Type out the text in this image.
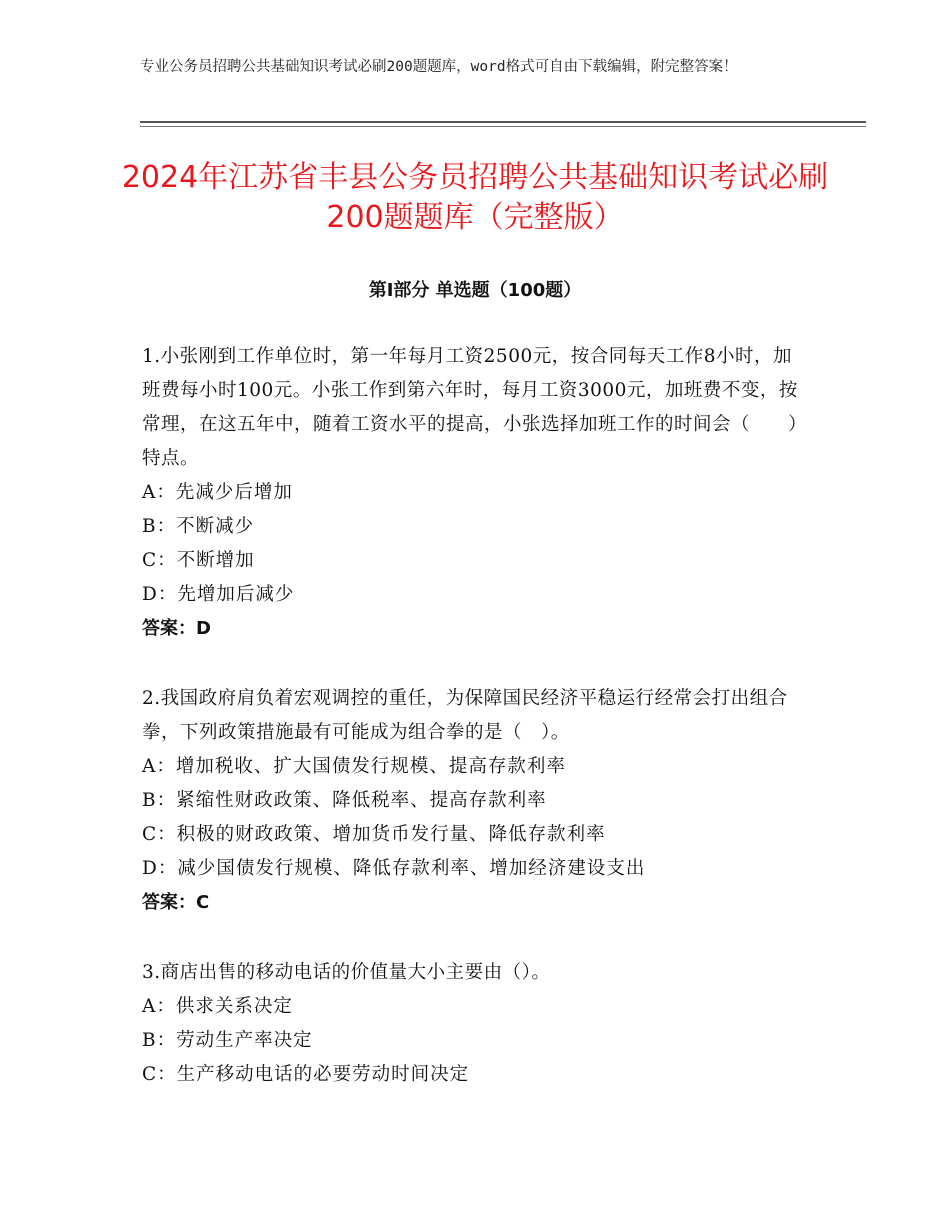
专业公务员招聘公共基础知识考试必刷200题题库，word格式可自由下载编辑，附完整答案！
2024年江苏省丰县公务员招聘公共基础知识考试必刷200题题库（完整版）
第Ⅰ部分 单选题（100题）

1.小张刚到工作单位时，第一年每月工资2500元，按合同每天工作8小时，加班费每小时100元。小张工作到第六年时，每月工资3000元，加班费不变，按常理，在这五年中，随着工资水平的提高，小张选择加班工作的时间会（　　）特点。

A：先减少后增加

B：不断减少

C：不断增加

D：先增加后减少

答案：D

2.我国政府肩负着宏观调控的重任，为保障国民经济平稳运行经常会打出组合拳，下列政策措施最有可能成为组合拳的是（　）。

A：增加税收、扩大国债发行规模、提高存款利率

B：紧缩性财政政策、降低税率、提高存款利率

C：积极的财政政策、增加货币发行量、降低存款利率

D：减少国债发行规模、降低存款利率、增加经济建设支出

答案：C

3.商店出售的移动电话的价值量大小主要由（）。

A：供求关系决定

B：劳动生产率决定

C：生产移动电话的必要劳动时间决定
